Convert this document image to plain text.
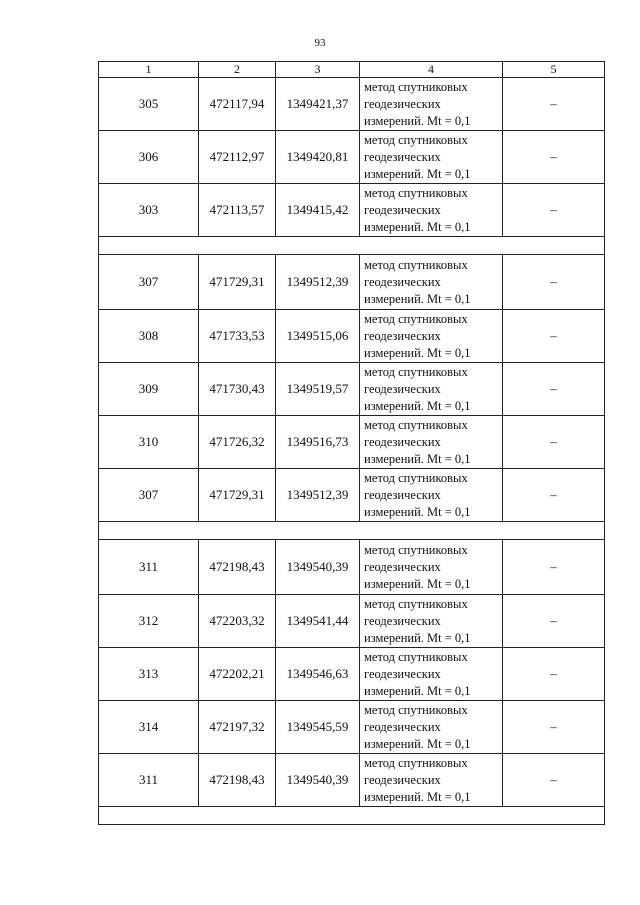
93
1	2	3	4	5
305	472117,94	1349421,37	метод спутниковых
геодезических
измерений. Mt = 0,1	–
306	472112,97	1349420,81	метод спутниковых
геодезических
измерений. Mt = 0,1	–
303	472113,57	1349415,42	метод спутниковых
геодезических
измерений. Mt = 0,1	–

307	471729,31	1349512,39	метод спутниковых
геодезических
измерений. Mt = 0,1	–
308	471733,53	1349515,06	метод спутниковых
геодезических
измерений. Mt = 0,1	–
309	471730,43	1349519,57	метод спутниковых
геодезических
измерений. Mt = 0,1	–
310	471726,32	1349516,73	метод спутниковых
геодезических
измерений. Mt = 0,1	–
307	471729,31	1349512,39	метод спутниковых
геодезических
измерений. Mt = 0,1	–

311	472198,43	1349540,39	метод спутниковых
геодезических
измерений. Mt = 0,1	–
312	472203,32	1349541,44	метод спутниковых
геодезических
измерений. Mt = 0,1	–
313	472202,21	1349546,63	метод спутниковых
геодезических
измерений. Mt = 0,1	–
314	472197,32	1349545,59	метод спутниковых
геодезических
измерений. Mt = 0,1	–
311	472198,43	1349540,39	метод спутниковых
геодезических
измерений. Mt = 0,1	–
